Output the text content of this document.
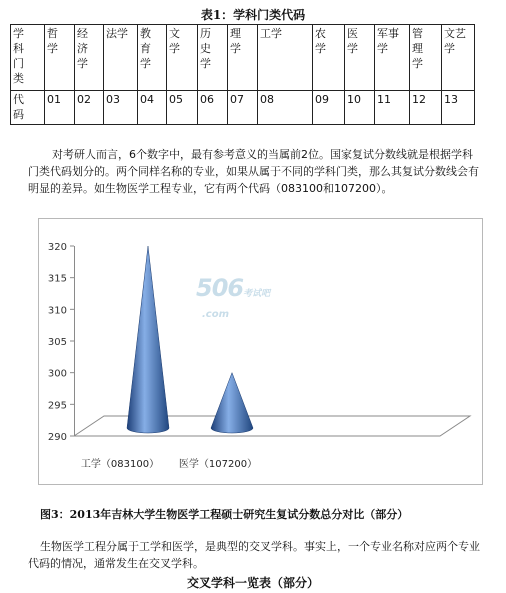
表1：学科门类代码
学科门类	哲学	经济学	法学	教育学	文学	历史学	理学	工学	农学	医学	军事学	管理学	文艺学

代码	01	02	03	04	05	06	07	08	09	10	11	12	13
对考研人而言，6个数字中，最有参考意义的当属前2位。国家复试分数线就是根据学科门类代码划分的。两个同样名称的专业，如果从属于不同的学科门类，那么其复试分数线会有明显的差异。如生物医学工程专业，它有两个代码（083100和107200）。
290
295
300
305
310
315
320
工学（083100） 医学（107200）
506考试吧
.com
图3：2013年吉林大学生物医学工程硕士研究生复试分数总分对比（部分）
生物医学工程分属于工学和医学，是典型的交叉学科。事实上，一个专业名称对应两个专业代码的情况，通常发生在交叉学科。
交叉学科一览表（部分）
